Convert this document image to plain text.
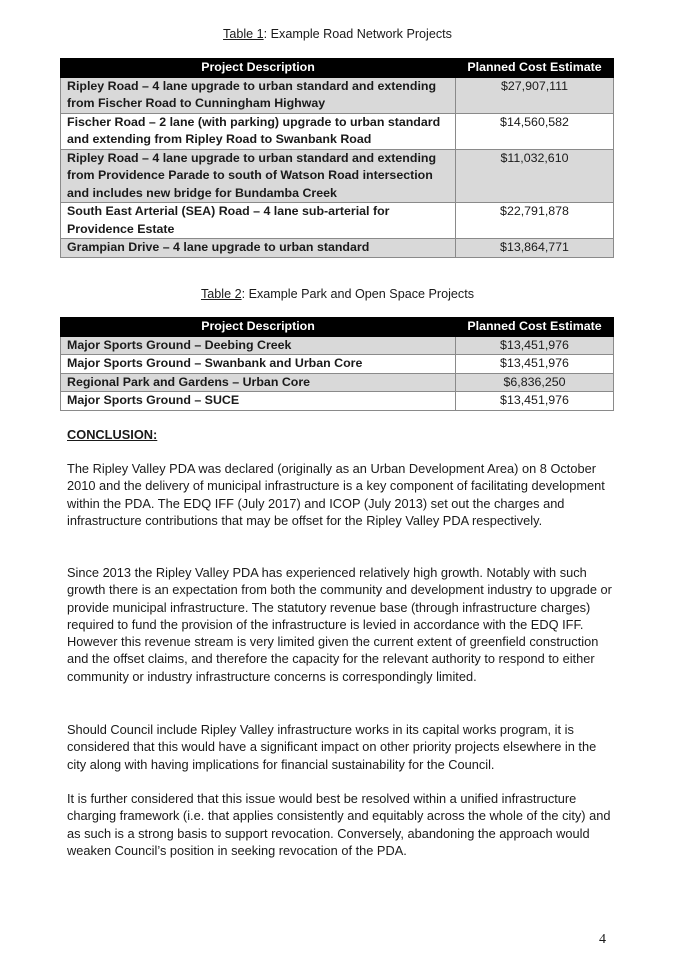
Table 1: Example Road Network Projects
Project Description	Planned Cost Estimate
Ripley Road – 4 lane upgrade to urban standard and extending from Fischer Road to Cunningham Highway	$27,907,111
Fischer Road – 2 lane (with parking) upgrade to urban standard and extending from Ripley Road to Swanbank Road	$14,560,582
Ripley Road – 4 lane upgrade to urban standard and extending from Providence Parade to south of Watson Road intersection and includes new bridge for Bundamba Creek	$11,032,610
South East Arterial (SEA) Road – 4 lane sub-arterial for Providence Estate	$22,791,878
Grampian Drive – 4 lane upgrade to urban standard	$13,864,771
Table 2: Example Park and Open Space Projects
Project Description	Planned Cost Estimate
Major Sports Ground – Deebing Creek	$13,451,976
Major Sports Ground – Swanbank and Urban Core	$13,451,976
Regional Park and Gardens – Urban Core	$6,836,250
Major Sports Ground – SUCE	$13,451,976
CONCLUSION:

The Ripley Valley PDA was declared (originally as an Urban Development Area) on 8 October 2010 and the delivery of municipal infrastructure is a key component of facilitating development within the PDA. The EDQ IFF (July 2017) and ICOP (July 2013) set out the charges and infrastructure contributions that may be offset for the Ripley Valley PDA respectively.

Since 2013 the Ripley Valley PDA has experienced relatively high growth. Notably with such growth there is an expectation from both the community and development industry to upgrade or provide municipal infrastructure. The statutory revenue base (through infrastructure charges) required to fund the provision of the infrastructure is levied in accordance with the EDQ IFF. However this revenue stream is very limited given the current extent of greenfield construction and the offset claims, and therefore the capacity for the relevant authority to respond to either community or industry infrastructure concerns is correspondingly limited.

Should Council include Ripley Valley infrastructure works in its capital works program, it is considered that this would have a significant impact on other priority projects elsewhere in the city along with having implications for financial sustainability for the Council.

It is further considered that this issue would best be resolved within a unified infrastructure charging framework (i.e. that applies consistently and equitably across the whole of the city) and as such is a strong basis to support revocation. Conversely, abandoning the approach would weaken Council’s position in seeking revocation of the PDA.

4
